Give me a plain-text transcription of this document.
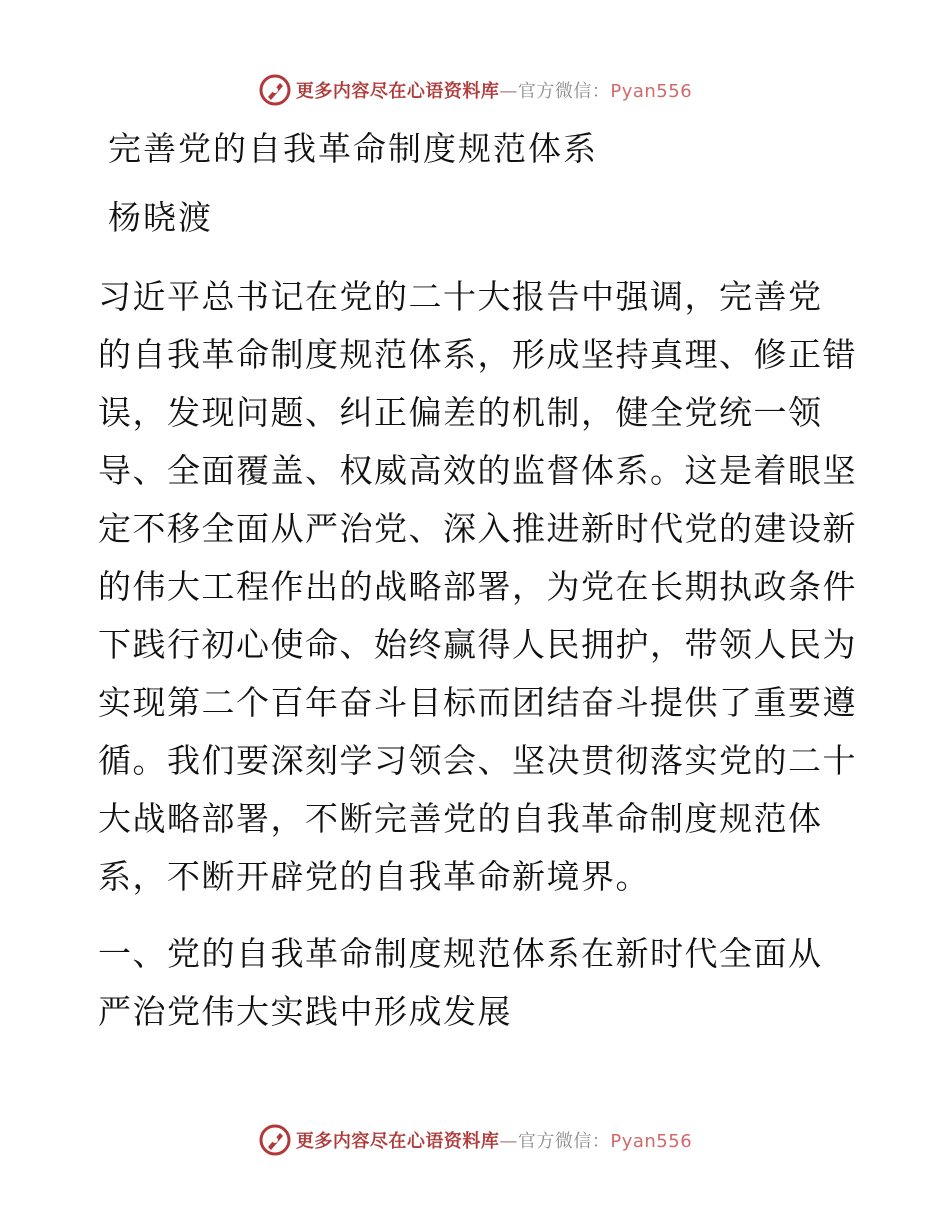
更多内容尽在心语资料库—官方微信：Pyan556
完善党的自我革命制度规范体系
杨晓渡

习近平总书记在党的二十大报告中强调，完善党
的自我革命制度规范体系，形成坚持真理、修正错
误，发现问题、纠正偏差的机制，健全党统一领
导、全面覆盖、权威高效的监督体系。这是着眼坚
定不移全面从严治党、深入推进新时代党的建设新
的伟大工程作出的战略部署，为党在长期执政条件
下践行初心使命、始终赢得人民拥护，带领人民为
实现第二个百年奋斗目标而团结奋斗提供了重要遵
循。我们要深刻学习领会、坚决贯彻落实党的二十
大战略部署，不断完善党的自我革命制度规范体
系，不断开辟党的自我革命新境界。

一、党的自我革命制度规范体系在新时代全面从
严治党伟大实践中形成发展

更多内容尽在心语资料库—官方微信：Pyan556
